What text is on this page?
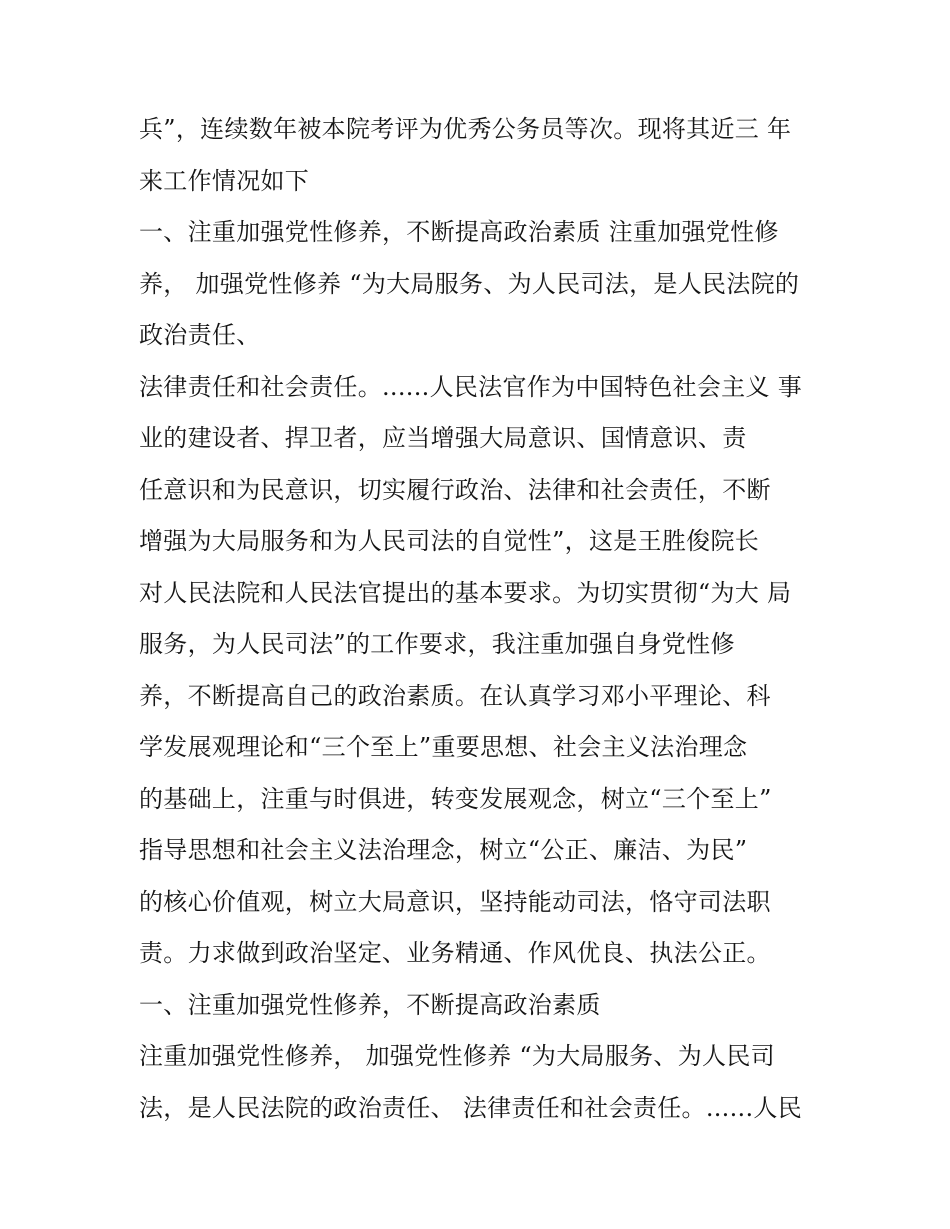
兵”，连续数年被本院考评为优秀公务员等次。现将其近三 年
来工作情况如下
一、注重加强党性修养，不断提高政治素质 注重加强党性修
养， 加强党性修养 “为大局服务、为人民司法，是人民法院的
政治责任、
法律责任和社会责任。......人民法官作为中国特色社会主义 事
业的建设者、捍卫者，应当增强大局意识、国情意识、责
任意识和为民意识，切实履行政治、法律和社会责任，不断
增强为大局服务和为人民司法的自觉性”，这是王胜俊院长
对人民法院和人民法官提出的基本要求。为切实贯彻“为大 局
服务，为人民司法”的工作要求，我注重加强自身党性修
养，不断提高自己的政治素质。在认真学习邓小平理论、科
学发展观理论和“三个至上”重要思想、社会主义法治理念
的基础上，注重与时俱进，转变发展观念，树立“三个至上”
指导思想和社会主义法治理念，树立“公正、廉洁、为民”
的核心价值观，树立大局意识，坚持能动司法，恪守司法职
责。力求做到政治坚定、业务精通、作风优良、执法公正。
一、注重加强党性修养，不断提高政治素质
注重加强党性修养， 加强党性修养 “为大局服务、为人民司
法，是人民法院的政治责任、 法律责任和社会责任。......人民
